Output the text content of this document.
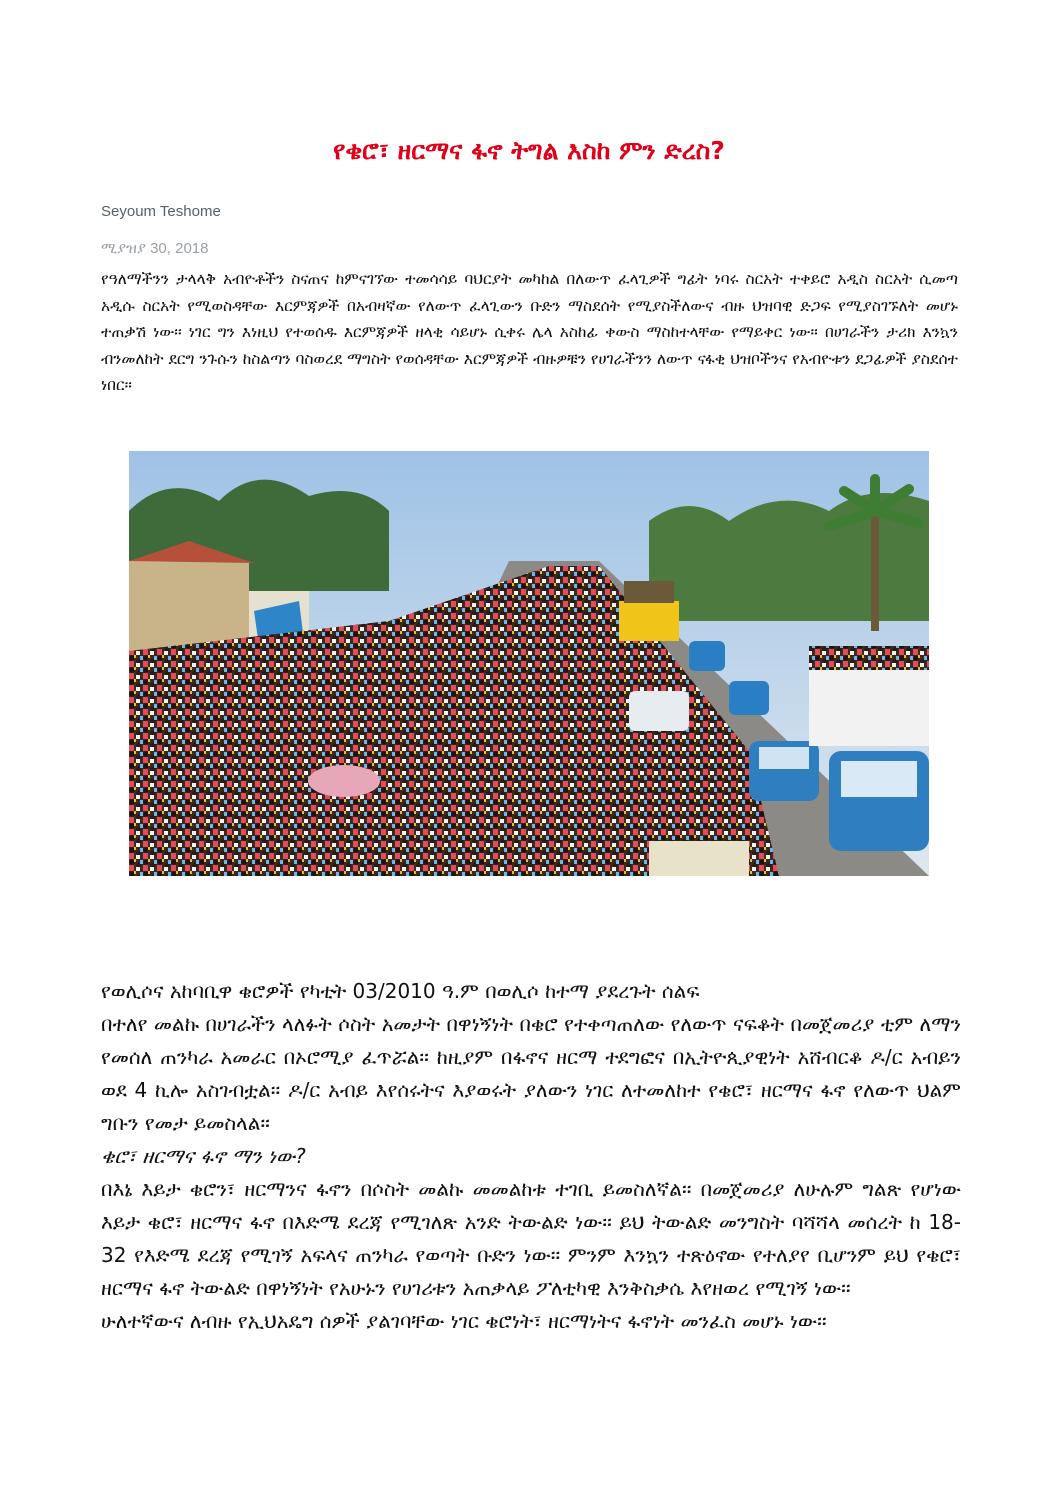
የቄሮ፣ ዘርማና ፋኖ ትግል እስከ ምን ድረስ?
Seyoum Teshome
ሚያዝያ 30, 2018

የዓለማችንን ታላላቅ አብዮቶችን ስናጠና ከምናገኘው ተመሳሳይ ባህርያት መካከል በለውጥ ፈላጊዎች ግፊት ነባሩ ስርአት ተቀይሮ አዲስ ስርአት ሲመጣ አዲሱ ስርአት የሚወስዳቸው እርምጃዎች በአብዛኛው የለውጥ ፈላጊውን ቡድን ማስደሰት የሚያስችለውና ብዙ ህዝባዊ ድጋፍ የሚያስገኙለት መሆኑ ተጠቃሽ ነው፡፡ ነገር ግን እነዚህ የተወሰዱ እርምጃዎች ዘላቂ ሳይሆኑ ሲቀሩ ሌላ አስከፊ ቀውስ ማስከተላቸው የማይቀር ነው፡፡ በሀገራችን ታሪክ እንኳን ብንመለከት ደርግ ንጉሱን ከስልጣን ባስወረደ ማግስት የወሰዳቸው እርምጃዎች ብዙዎቹን የሀገራችንን ለውጥ ናፋቂ ህዝቦችንና የአብዮቱን ደጋፊዎች ያስደሰተ ነበር፡፡

የወሊሶና አከባቢዋ ቄሮዎች የካቲት 03/2010 ዓ.ም በወሊሶ ከተማ ያደረጉት ሰልፍ

በተለየ መልኩ በሀገራችን ላለፉት ሶስት አመታት በዋነኝነት በቄሮ የተቀጣጠለው የለውጥ ናፍቆት በመጀመሪያ ቲም ለማን የመሰለ ጠንካራ አመራር በኦሮሚያ ፈጥሯል፡፡ ከዚያም በፋኖና ዘርማ ተደግፎና በኢትዮጲያዊነት አሸብርቆ ዶ/ር አብይን ወደ 4 ኪሎ አስገብቷል፡፡ ዶ/ር አብይ እየሰሩትና እያወሩት ያለውን ነገር ለተመለከተ የቄሮ፣ ዘርማና ፋኖ የለውጥ ህልም ግቡን የመታ ይመስላል፡፡

ቄሮ፣ ዘርማና ፋኖ ማን ነው?

በእኔ እይታ ቄሮን፣ ዘርማንና ፋኖን በሶስት መልኩ መመልከቱ ተገቢ ይመስለኛል፡፡ በመጀመሪያ ለሁሉም ግልጽ የሆነው እይታ ቄሮ፣ ዘርማና ፋኖ በእድሜ ደረጃ የሚገለጽ አንድ ትውልድ ነው፡፡ ይህ ትውልድ መንግስት ባሻሻላ መሰረት ከ 18-32 የእድሜ ደረጃ የሚገኝ አፍላና ጠንካራ የወጣት ቡድን ነው፡፡ ምንም እንኳን ተጽዕኖው የተለያየ ቢሆንም ይህ የቄሮ፣ ዘርማና ፋኖ ትውልድ በዋነኝነት የአሁኑን የሀገሪቱን አጠቃላይ ፖለቲካዊ እንቅስቃሴ እየዘወረ የሚገኝ ነው፡፡

ሁለተኛውና ለብዙ የኢህአዴግ ሰዎች ያልገባቸው ነገር ቄሮነት፣ ዘርማነትና ፋኖነት መንፈስ መሆኑ ነው፡፡
